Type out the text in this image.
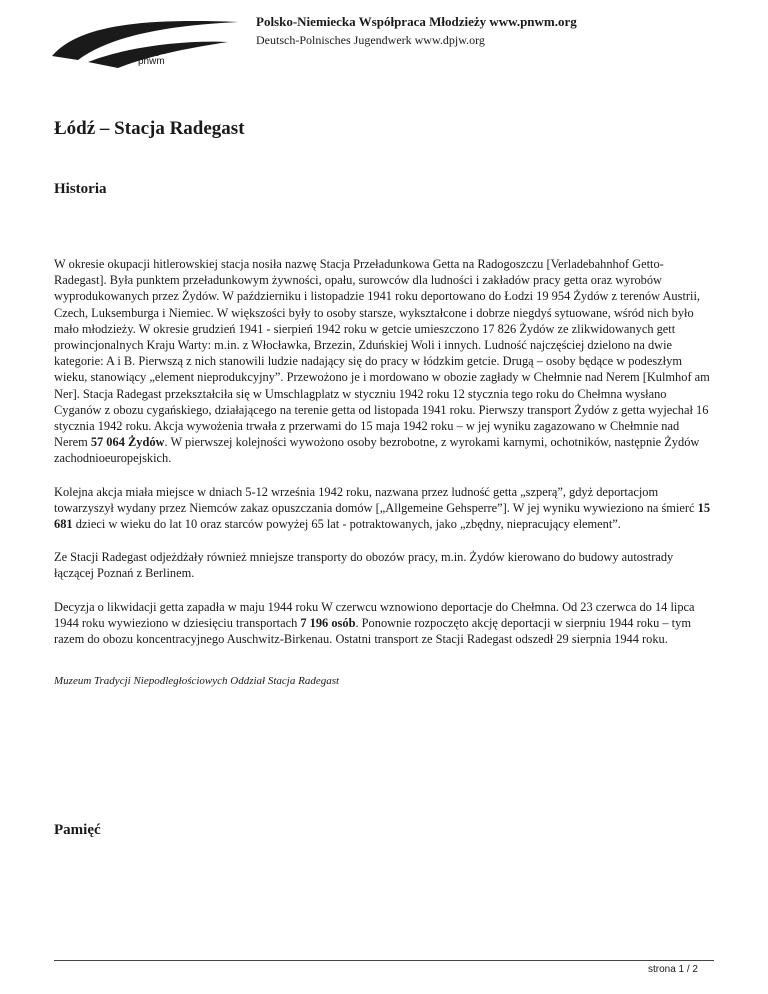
dpjw
pnwm
Polsko-Niemiecka Współpraca Młodzieży www.pnwm.org
Deutsch-Polnisches Jugendwerk www.dpjw.org
Łódź – Stacja Radegast
Historia

W okresie okupacji hitlerowskiej stacja nosiła nazwę Stacja Przeładunkowa Getta na Radogoszczu [Verladebahnhof Getto-Radegast]. Była punktem przeładunkowym żywności, opału, surowców dla ludności i zakładów pracy getta oraz wyrobów wyprodukowanych przez Żydów. W październiku i listopadzie 1941 roku deportowano do Łodzi 19 954 Żydów z terenów Austrii, Czech, Luksemburga i Niemiec. W większości były to osoby starsze, wykształcone i dobrze niegdyś sytuowane, wśród nich było mało młodzieży. W okresie grudzień 1941 - sierpień 1942 roku w getcie umieszczono 17 826 Żydów ze zlikwidowanych gett prowincjonalnych Kraju Warty: m.in. z Włocławka, Brzezin, Zduńskiej Woli i innych. Ludność najczęściej dzielono na dwie kategorie: A i B. Pierwszą z nich stanowili ludzie nadający się do pracy w łódzkim getcie. Drugą – osoby będące w podeszłym wieku, stanowiący „element nieprodukcyjny”. Przewożono je i mordowano w obozie zagłady w Chełmnie nad Nerem [Kulmhof am Ner]. Stacja Radegast przekształciła się w Umschlagplatz w styczniu 1942 roku 12 stycznia tego roku do Chełmna wysłano Cyganów z obozu cygańskiego, działającego na terenie getta od listopada 1941 roku. Pierwszy transport Żydów z getta wyjechał 16 stycznia 1942 roku. Akcja wywożenia trwała z przerwami do 15 maja 1942 roku – w jej wyniku zagazowano w Chełmnie nad Nerem 57 064 Żydów. W pierwszej kolejności wywożono osoby bezrobotne, z wyrokami karnymi, ochotników, następnie Żydów zachodnioeuropejskich.

Kolejna akcja miała miejsce w dniach 5-12 września 1942 roku, nazwana przez ludność getta „szperą”, gdyż deportacjom towarzyszył wydany przez Niemców zakaz opuszczania domów [„Allgemeine Gehsperre”]. W jej wyniku wywieziono na śmierć 15 681 dzieci w wieku do lat 10 oraz starców powyżej 65 lat - potraktowanych, jako „zbędny, niepracujący element”.

Ze Stacji Radegast odjeżdżały również mniejsze transporty do obozów pracy, m.in. Żydów kierowano do budowy autostrady łączącej Poznań z Berlinem.

Decyzja o likwidacji getta zapadła w maju 1944 roku W czerwcu wznowiono deportacje do Chełmna. Od 23 czerwca do 14 lipca 1944 roku wywieziono w dziesięciu transportach 7 196 osób. Ponownie rozpoczęto akcję deportacji w sierpniu 1944 roku – tym razem do obozu koncentracyjnego Auschwitz-Birkenau. Ostatni transport ze Stacji Radegast odszedł 29 sierpnia 1944 roku.

Muzeum Tradycji Niepodległościowych Oddział Stacja Radegast

Pamięć
strona 1 / 2
